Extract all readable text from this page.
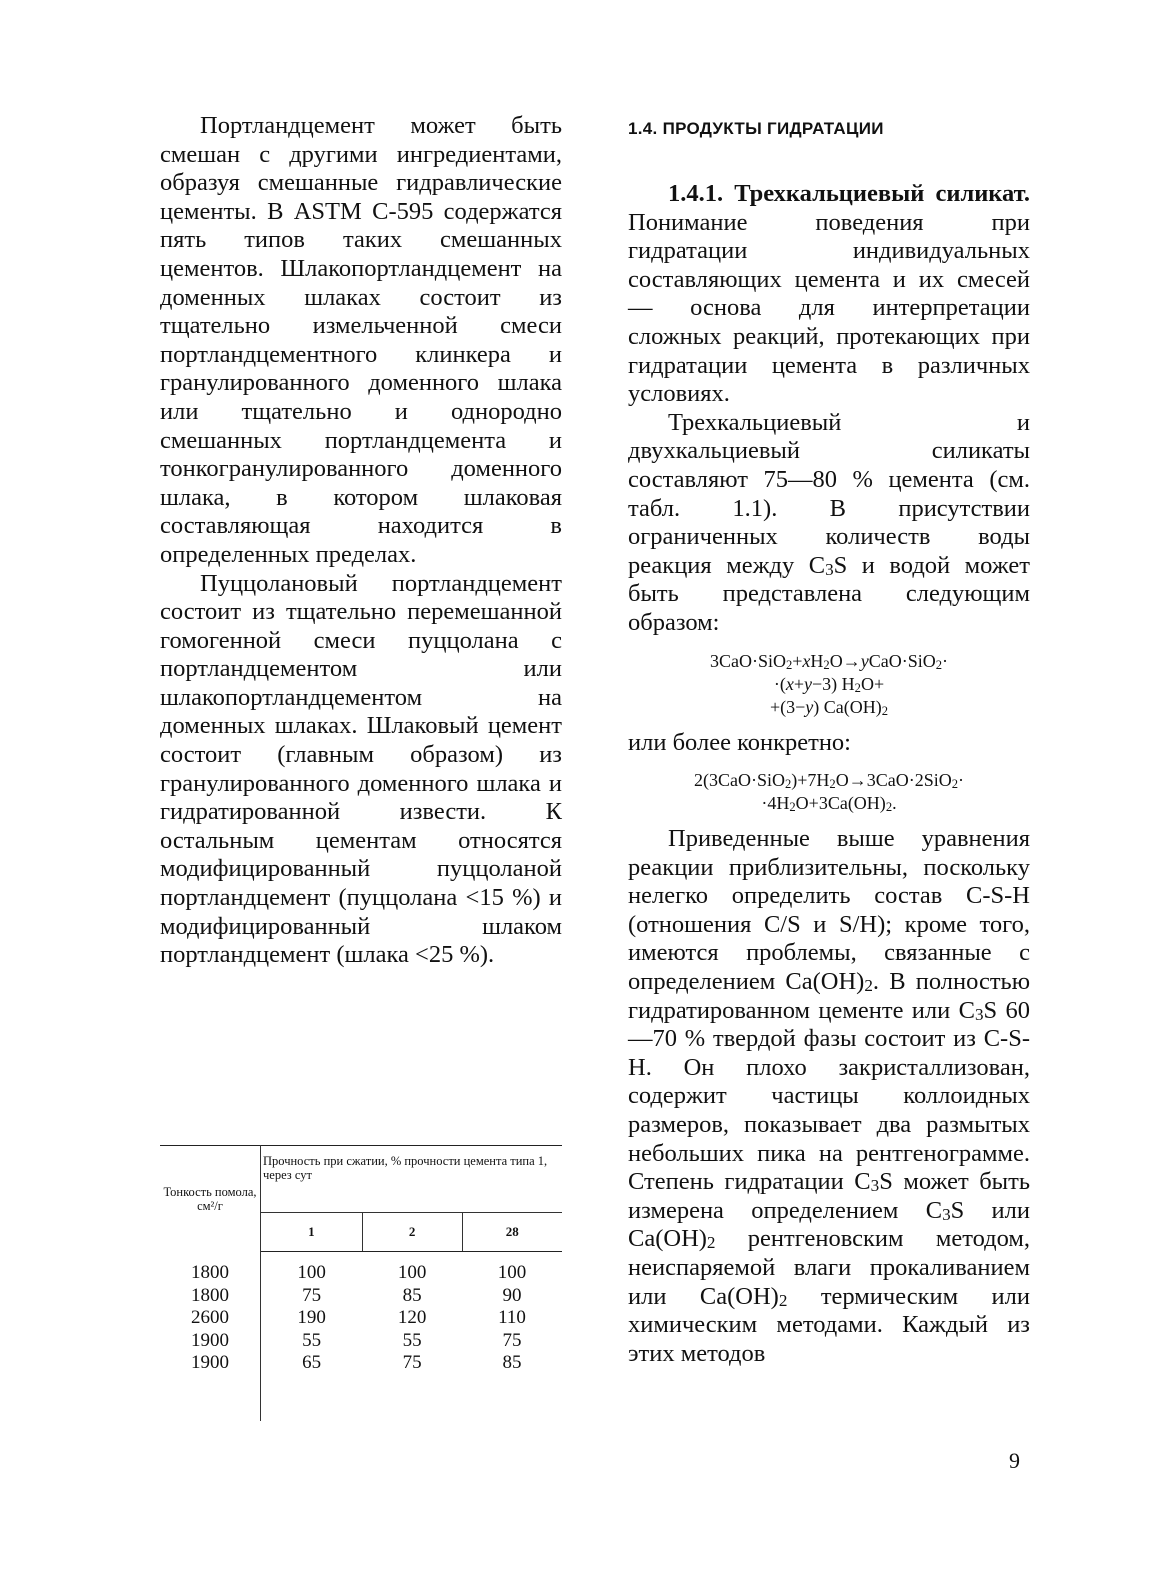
Портландцемент может быть смешан с другими ингредиентами, образуя смешанные гидравлические цементы. В ASTM С-595 содержатся пять типов таких смешанных цементов. Шлакопортландцемент на доменных шлаках состоит из тщательно измельченной смеси портландцементного клинкера и гранулированного доменного шлака или тщательно и однородно смешанных портландцемента и тонкогранулированного доменного шлака, в котором шлаковая составляющая находится в определенных пределах.

Пуццолановый портландцемент состоит из тщательно перемешанной гомогенной смеси пуццолана с портландцементом или шлакопортландцементом на доменных шлаках. Шлаковый цемент состоит (главным образом) из гранулированного доменного шлака и гидратированной извести. К остальным цементам относятся модифицированный пуццоланой портландцемент (пуццолана <15 %) и модифицированный шлаком портландцемент (шлака <25 %).

Тонкость помола, см²/г	Прочность при сжатии, % прочности цемента типа 1, через сут		
	1	2	28
1800	100	100	100
1800	75	85	90
2600	190	120	110
1900	55	55	75
1900	65	75	85

1.4. ПРОДУКТЫ ГИДРАТАЦИИ

1.4.1. Трехкальциевый силикат. Понимание поведения при гидратации индивидуальных составляющих цемента и их смесей — основа для интерпретации сложных реакций, протекающих при гидратации цемента в различных условиях.

Трехкальциевый и двухкальциевый силикаты составляют 75—80 % цемента (см. табл. 1.1). В присутствии ограниченных количеств воды реакция между $C_3S$ и водой может быть представлена следующим образом:

$3CaO\cdot SiO_2+xH_2O\to yCaO\cdot SiO_2\cdot$
·(x+y−3) $H_2O+$
+(3−y) $Ca(OH)_2$

или более конкретно:

$2(3CaO\cdot SiO_2)+7H_2O\to 3CaO\cdot 2SiO_2\cdot$
$\cdot 4H_2O+3Ca(OH)_2$.

Приведенные выше уравнения реакции приблизительны, поскольку нелегко определить состав C-S-H (отношения C/S и S/H); кроме того, имеются проблемы, связанные с определением $Ca(OH)_2$. В полностью гидратированном цементе или $C_3S$ 60—70 % твердой фазы состоит из C-S-H. Он плохо закристаллизован, содержит частицы коллоидных размеров, показывает два размытых небольших пика на рентгенограмме. Степень гидратации $C_3S$ может быть измерена определением $C_3S$ или $Ca(OH)_2$ рентгеновским методом, неиспаряемой влаги прокаливанием или $Ca(OH)_2$ термическим или химическим методами. Каждый из этих методов

9
